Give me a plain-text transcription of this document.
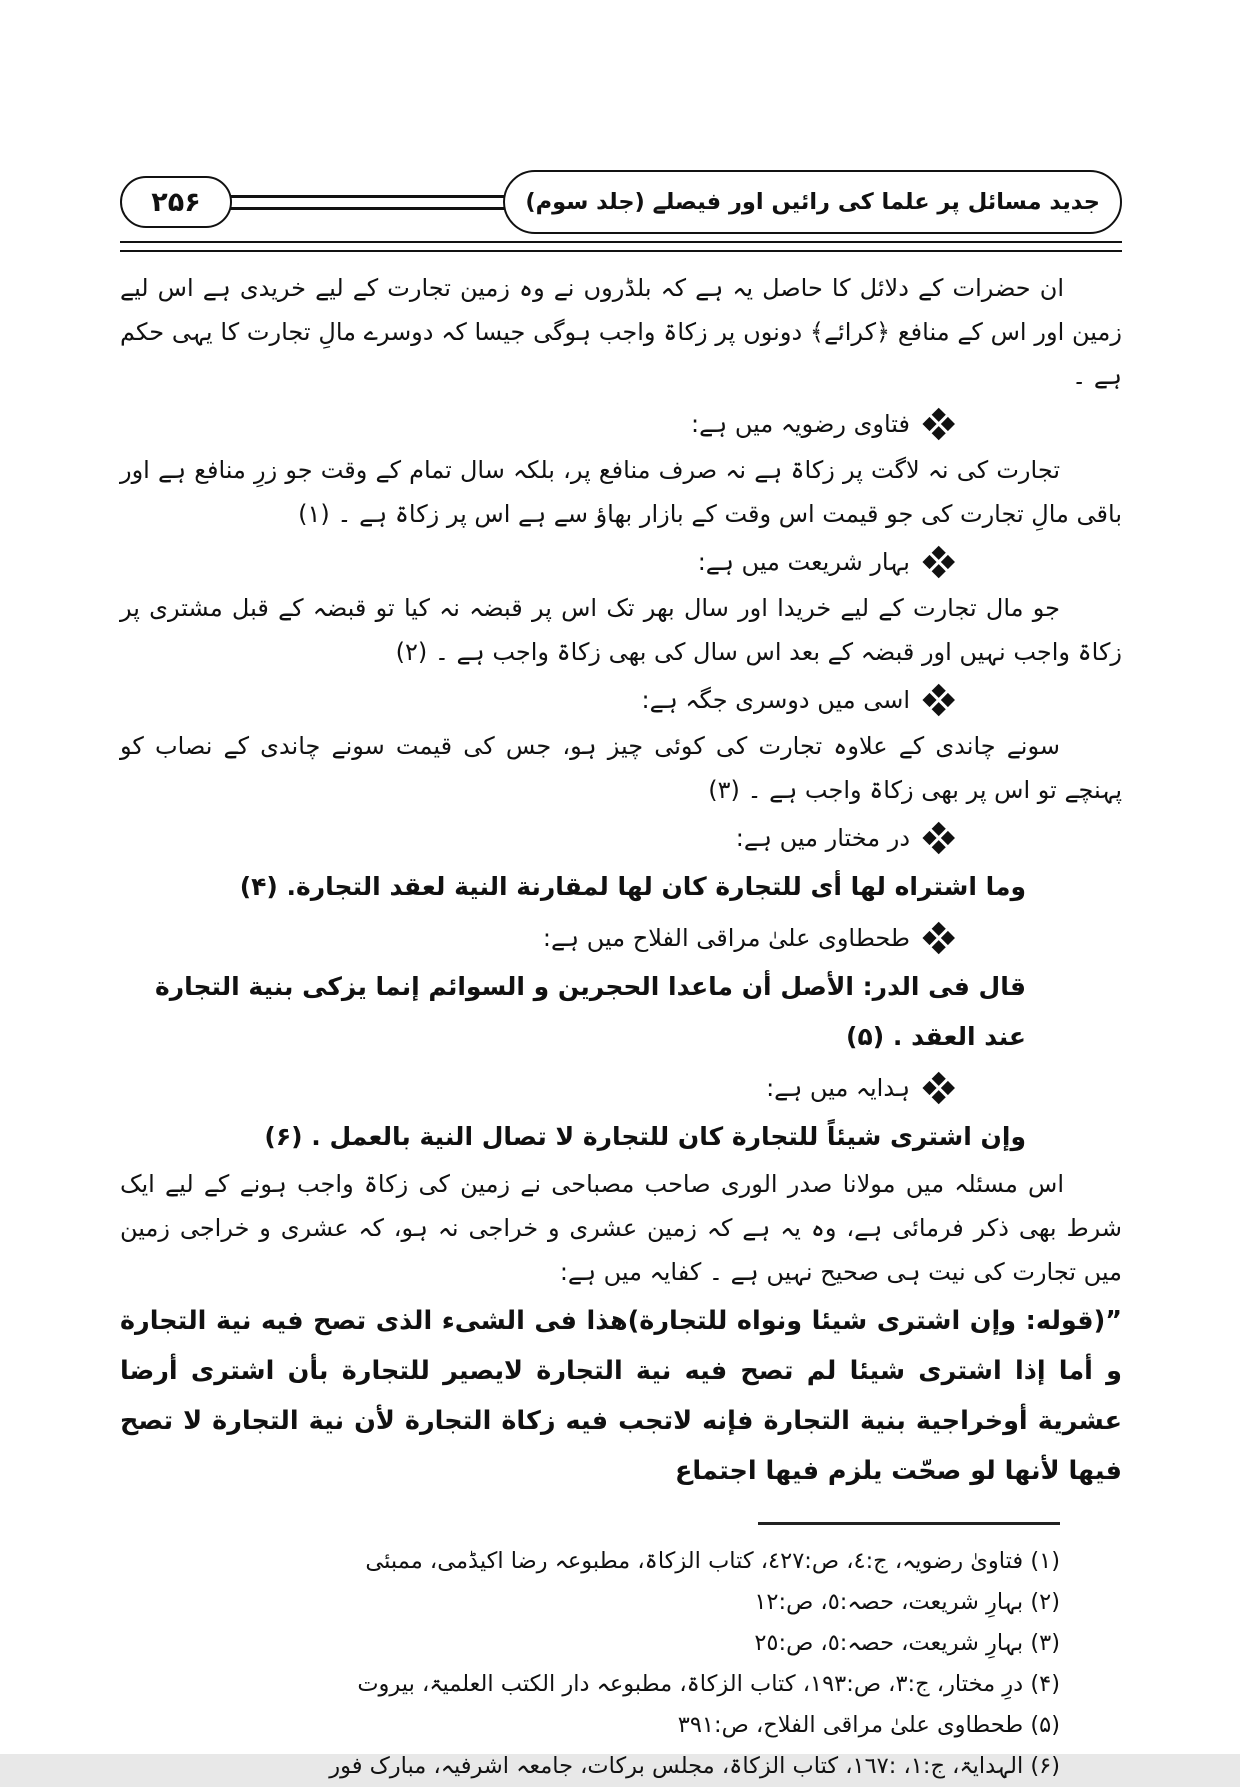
۲۵۶	جدید مسائل پر علما کی رائیں اور فیصلے (جلد سوم)

ان حضرات کے دلائل کا حاصل یہ ہے کہ بلڈروں نے وہ زمین تجارت کے لیے خریدی ہے اس لیے زمین اور اس کے منافع ﴿کرائے﴾ دونوں پر زکاۃ واجب ہوگی جیسا کہ دوسرے مالِ تجارت کا یہی حکم ہے ۔

فتاوی رضویہ میں ہے:

تجارت کی نہ لاگت پر زکاۃ ہے نہ صرف منافع پر، بلکہ سال تمام کے وقت جو زرِ منافع ہے اور باقی مالِ تجارت کی جو قیمت اس وقت کے بازار بھاؤ سے ہے اس پر زکاۃ ہے ۔ (۱)

بہار شریعت میں ہے:

جو مال تجارت کے لیے خریدا اور سال بھر تک اس پر قبضہ نہ کیا تو قبضہ کے قبل مشتری پر زکاۃ واجب نہیں اور قبضہ کے بعد اس سال کی بھی زکاۃ واجب ہے ۔ (۲)

اسی میں دوسری جگہ ہے:

سونے چاندی کے علاوہ تجارت کی کوئی چیز ہو، جس کی قیمت سونے چاندی کے نصاب کو پہنچے تو اس پر بھی زکاۃ واجب ہے ۔ (۳)

در مختار میں ہے:

وما اشتراه لها أى للتجارة كان لها لمقارنة النية لعقد التجارة. (۴)

طحطاوی علیٰ مراقی الفلاح میں ہے:

قال فى الدر: الأصل أن ماعدا الحجرين و السوائم إنما يزكى بنية التجارة عند العقد . (۵)

ہدایہ میں ہے:

وإن اشترى شيئاً للتجارة كان للتجارة لا تصال النية بالعمل . (۶)

اس مسئلہ میں مولانا صدر الوری صاحب مصباحی نے زمین کی زکاۃ واجب ہونے کے لیے ایک شرط بھی ذکر فرمائی ہے، وہ یہ ہے کہ زمین عشری و خراجی نہ ہو، کہ عشری و خراجی زمین میں تجارت کی نیت ہی صحیح نہیں ہے ۔ کفایہ میں ہے:

”(قوله: وإن اشترى شيئا ونواه للتجارة)هذا فى الشىء الذى تصح فيه نية التجارة و أما إذا اشترى شيئا لم تصح فيه نية التجارة لايصير للتجارة بأن اشترى أرضا عشرية أوخراجية بنية التجارة فإنه لاتجب فيه زكاة التجارة لأن نية التجارة لا تصح فيها لأنها لو صحّت يلزم فيها اجتماع

(۱) فتاویٰ رضویہ، ج:٤، ص:٤٢٧، کتاب الزکاۃ، مطبوعہ رضا اکیڈمی، ممبئی

(۲) بہارِ شریعت، حصہ:٥، ص:۱۲

(۳) بہارِ شریعت، حصہ:٥، ص:٢٥

(۴) درِ مختار، ج:۳، ص:۱۹۳، کتاب الزکاۃ، مطبوعہ دار الکتب العلمیۃ، بیروت

(۵) طحطاوی علیٰ مراقی الفلاح، ص:۳۹۱

(۶) الہدایۃ، ج:۱، :۱٦۷، کتاب الزکاۃ، مجلس برکات، جامعہ اشرفیہ، مبارک فور
